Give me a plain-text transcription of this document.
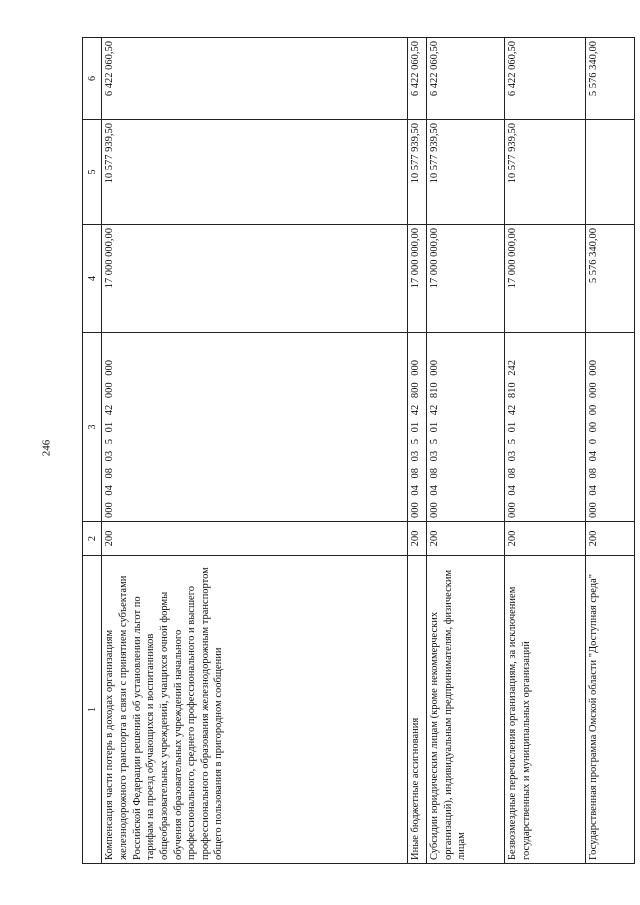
246
1	2	3	4	5	6
Компенсация части потерь в доходах организациям железнодорожного транспорта в связи с принятием субъектами Российской Федерации решений об установлении льгот по тарифам на проезд обучающихся и воспитанников общеобразовательных учреждений, учащихся очной формы обучения образовательных учреждений начального профессионального, среднего профессионального и высшего профессионального образования железнодорожным транспортом общего пользования в пригородном сообщении	200	000 04 08 03 5 01 42 000 000	17 000 000,00	10 577 939,50	6 422 060,50
Иные бюджетные ассигнования	200	000 04 08 03 5 01 42 800 000	17 000 000,00	10 577 939,50	6 422 060,50
Субсидии юридическим лицам (кроме некоммерческих организаций), индивидуальным предпринимателям, физическим лицам	200	000 04 08 03 5 01 42 810 000	17 000 000,00	10 577 939,50	6 422 060,50
Безвозмездные перечисления организациям, за исключением государственных и муниципальных организаций	200	000 04 08 03 5 01 42 810 242	17 000 000,00	10 577 939,50	6 422 060,50
Государственная программа Омской области "Доступная среда"	200	000 04 08 04 0 00 00 000 000	5 576 340,00		5 576 340,00
